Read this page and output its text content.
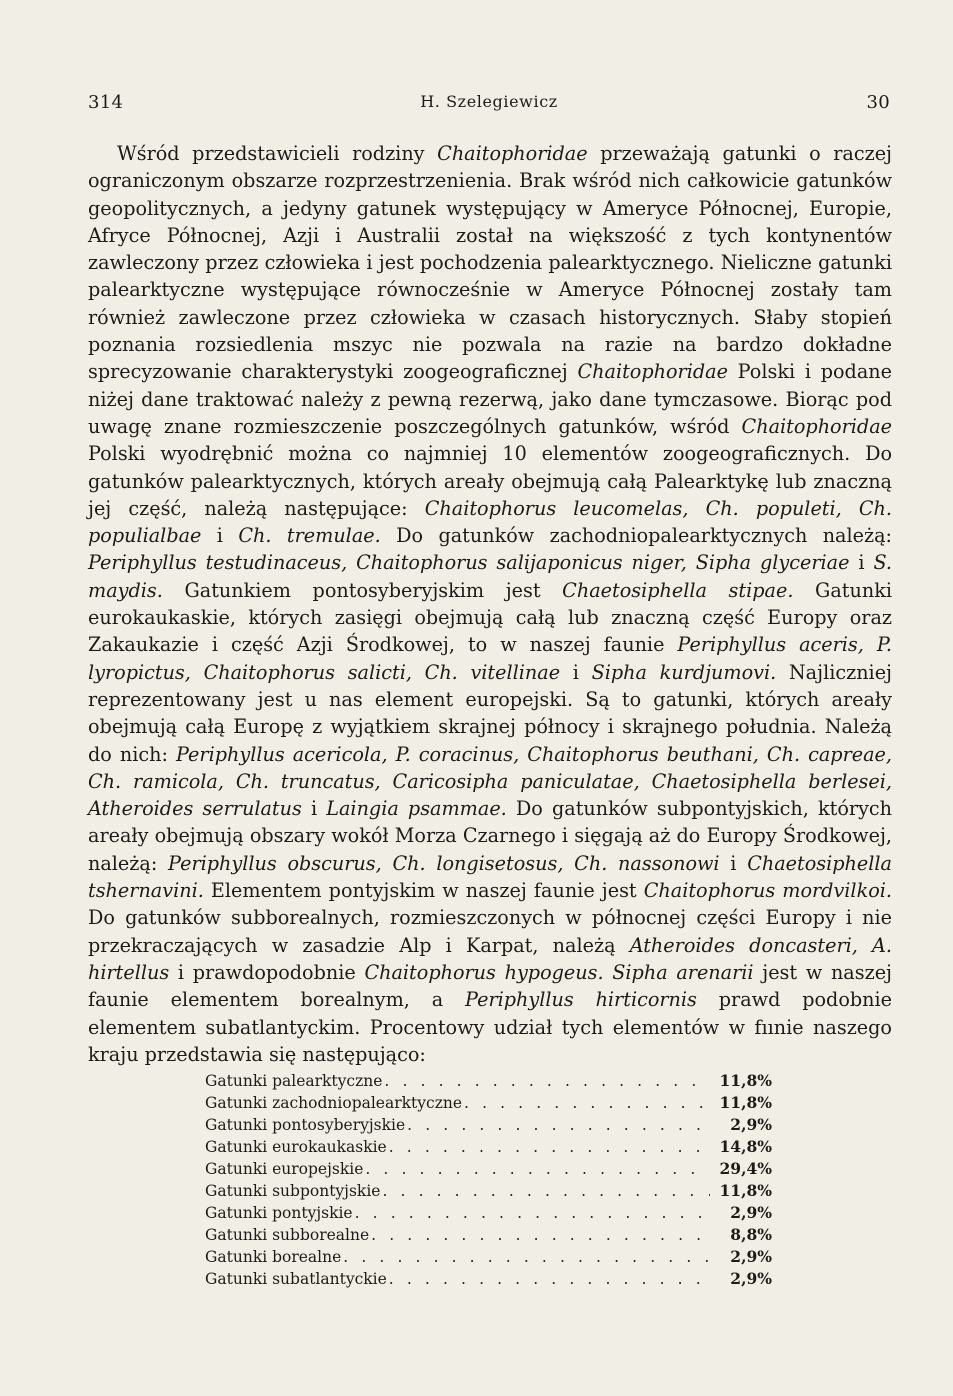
314	H. Szelegiewicz	30

Wśród przedstawicieli rodziny Chaitophoridae przeważają gatunki o raczej ograniczonym obszarze rozprzestrzenienia. Brak wśród nich całkowicie gatunków geopolitycznych, a jedyny gatunek występujący w Ameryce Północnej, Europie, Afryce Północnej, Azji i Australii został na większość z tych kontynentów zawleczony przez człowieka i jest pochodzenia palearktycznego. Nieliczne gatunki palearktyczne występujące równocześnie w Ameryce Północnej zostały tam również zawleczone przez człowieka w czasach historycznych. Słaby stopień poznania rozsiedlenia mszyc nie pozwala na razie na bardzo dokładne sprecyzowanie charakterystyki zoogeograficznej Chaitophoridae Polski i podane niżej dane traktować należy z pewną rezerwą, jako dane tymczasowe. Biorąc pod uwagę znane rozmieszczenie poszczególnych gatunków, wśród Chaitophoridae Polski wyodrębnić można co najmniej 10 elementów zoogeograficznych. Do gatunków palearktycznych, których areały obejmują całą Palearktykę lub znaczną jej część, należą następujące: Chaitophorus leucomelas, Ch. populeti, Ch. populialbae i Ch. tremulae. Do gatunków zachodniopalearktycznych należą: Periphyllus testudinaceus, Chaitophorus salijaponicus niger, Sipha glyceriae i S. maydis. Gatunkiem pontosyberyjskim jest Chaetosiphella stipae. Gatunki eurokaukaskie, których zasięgi obejmują całą lub znaczną część Europy oraz Zakaukazie i część Azji Środkowej, to w naszej faunie Periphyllus aceris, P. lyropictus, Chaitophorus salicti, Ch. vitellinae i Sipha kurdjumovi. Najliczniej reprezentowany jest u nas element europejski. Są to gatunki, których areały obejmują całą Europę z wyjątkiem skrajnej północy i skrajnego południa. Należą do nich: Periphyllus acericola, P. coracinus, Chaitophorus beuthani, Ch. capreae, Ch. ramicola, Ch. truncatus, Caricosipha paniculatae, Chaetosiphella berlesei, Atheroides serrulatus i Laingia psammae. Do gatunków subpontyjskich, których areały obejmują obszary wokół Morza Czarnego i sięgają aż do Europy Środkowej, należą: Periphyllus obscurus, Ch. longisetosus, Ch. nassonowi i Chaetosiphella tshernavini. Elementem pontyjskim w naszej faunie jest Chaitophorus mordvilkoi. Do gatunków subborealnych, rozmieszczonych w północnej części Europy i nie przekraczających w zasadzie Alp i Karpat, należą Atheroides doncasteri, A. hirtellus i prawdopodobnie Chaitophorus hypogeus. Sipha arenarii jest w naszej faunie elementem borealnym, a Periphyllus hirticornis prawd podobnie elementem subatlantyckim. Procentowy udział tych elementów w fıınie naszego kraju przedstawia się następująco:

Gatunki palearktyczne . . .	11,8%
Gatunki zachodniopalearktyczne . . .	11,8%
Gatunki pontosyberyjskie . . .	2,9%
Gatunki eurokaukaskie . . .	14,8%
Gatunki europejskie . . .	29,4%
Gatunki subpontyjskie . . .	11,8%
Gatunki pontyjskie . . .	2,9%
Gatunki subborealne . . .	8,8%
Gatunki borealne . . .	2,9%
Gatunki subatlantyckie . . .	2,9%
